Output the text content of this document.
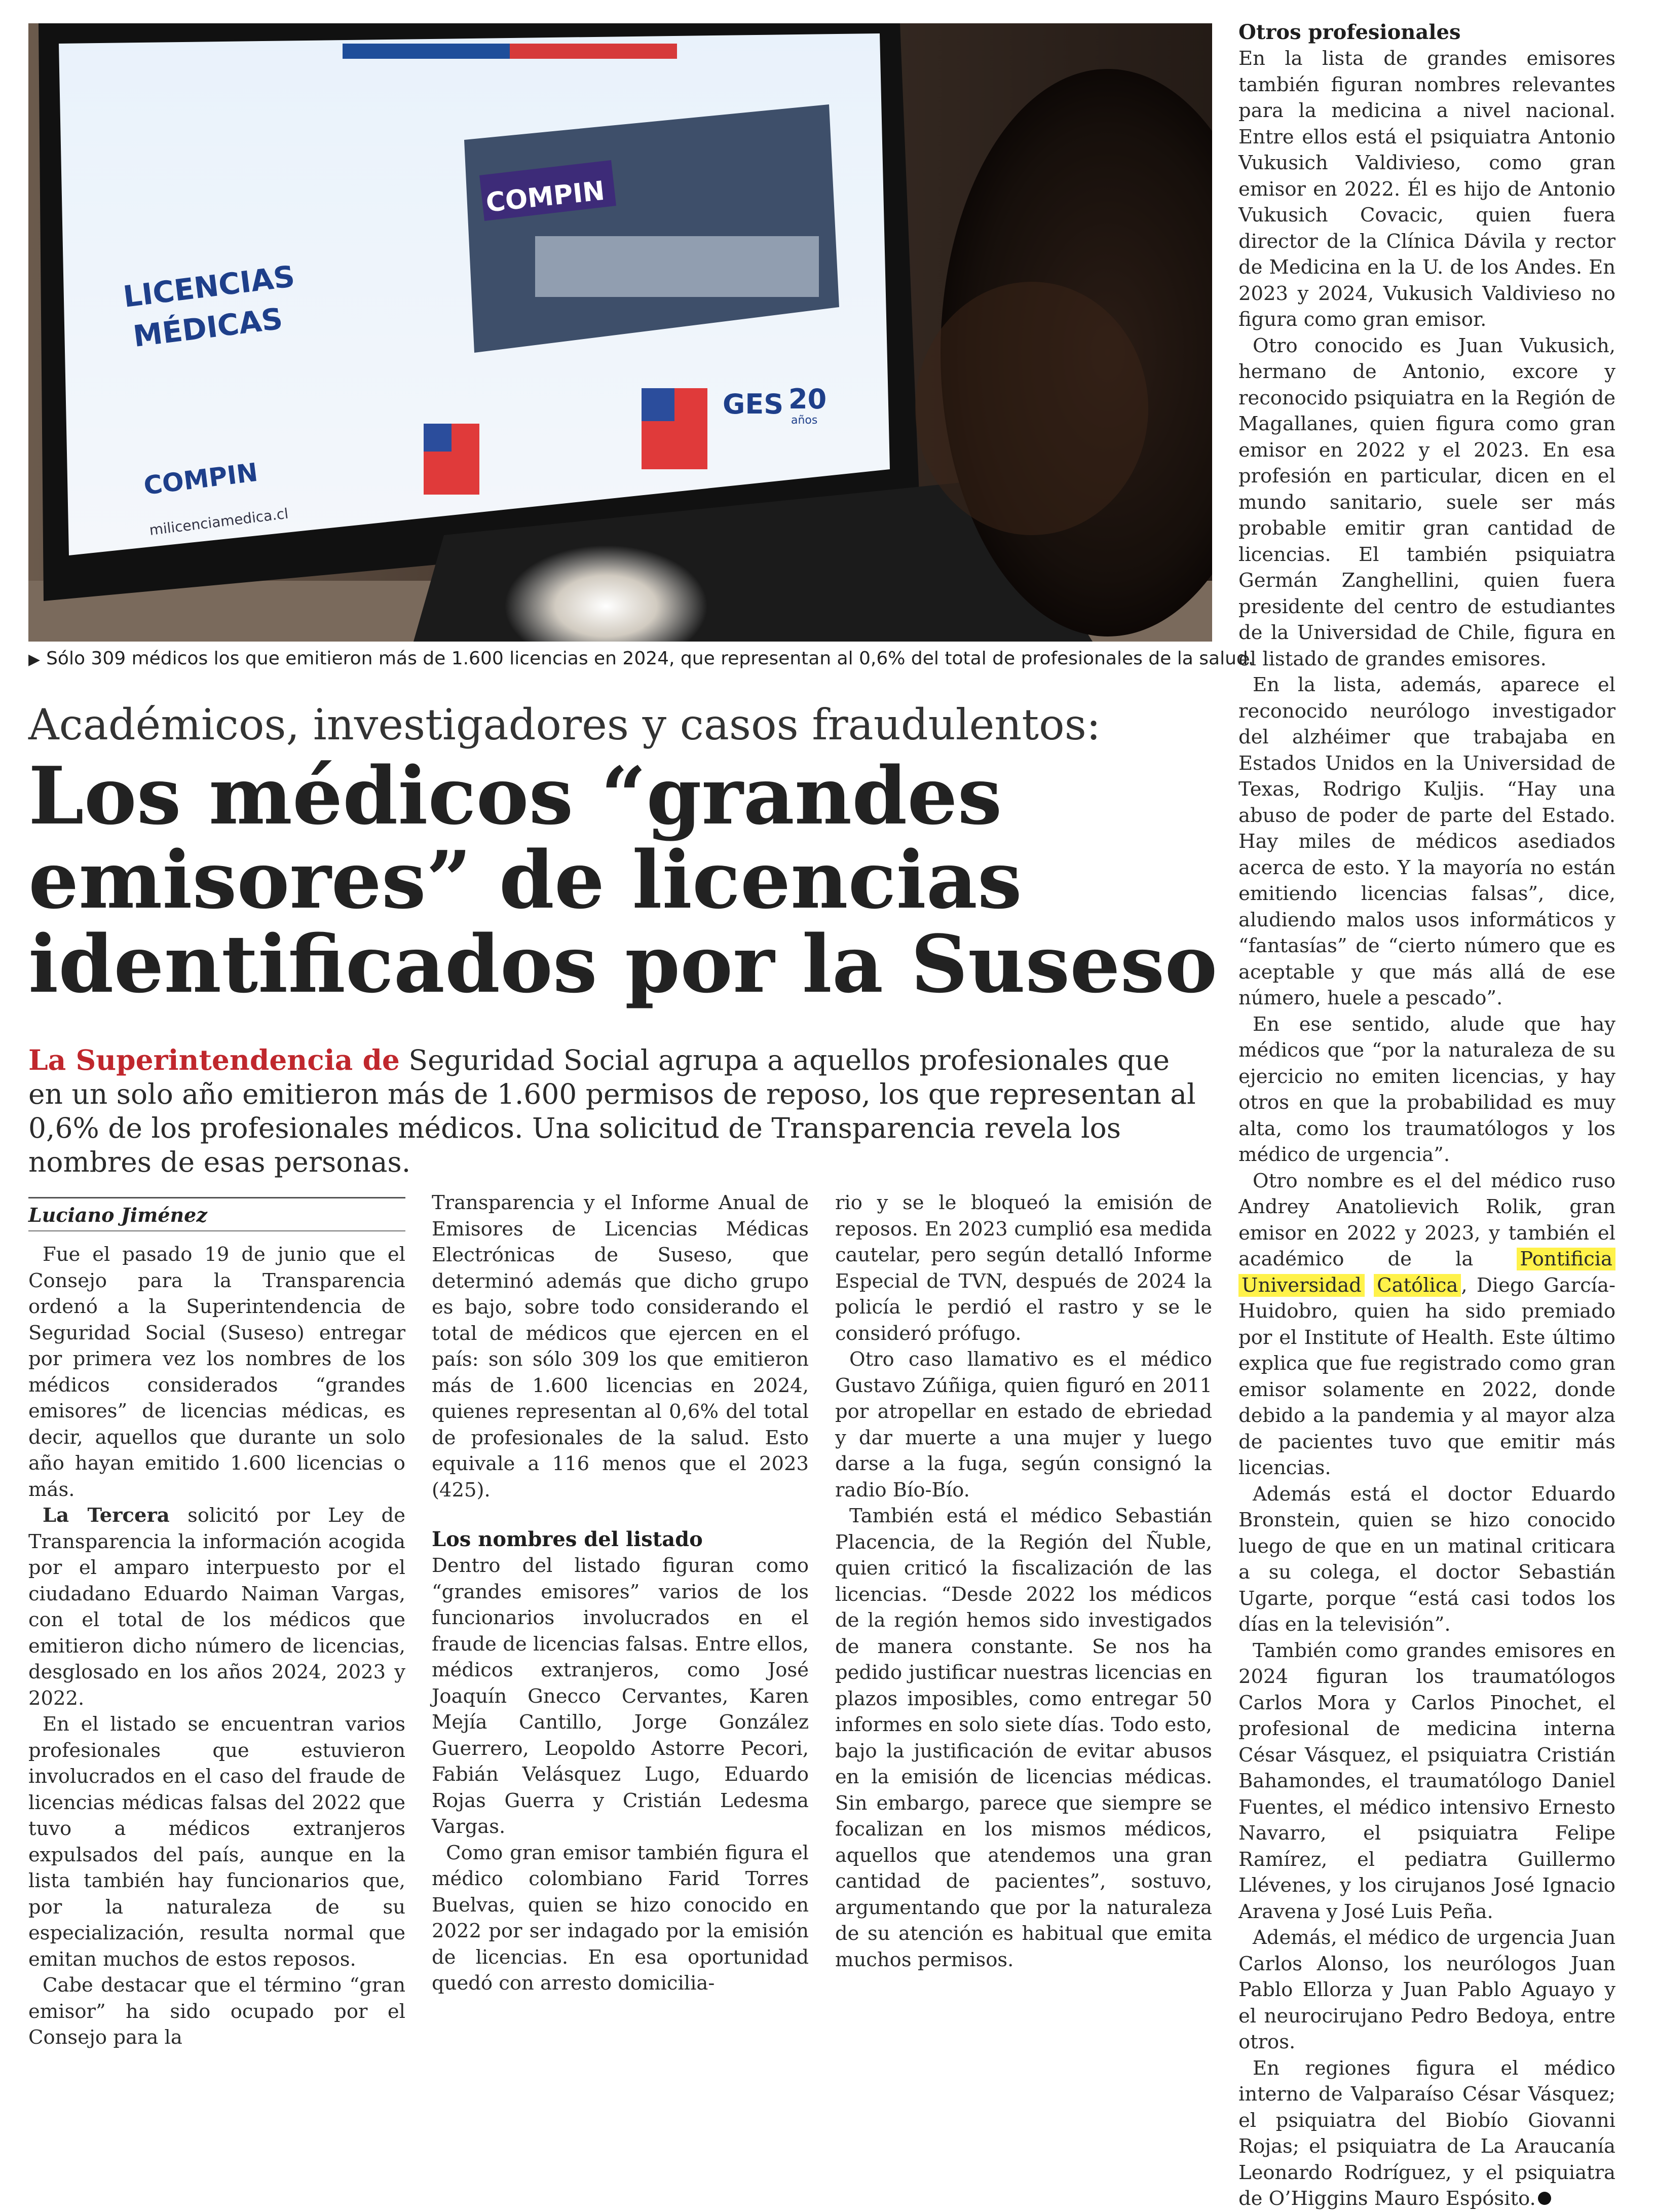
COMPIN
LICENCIASMÉDICAS
COMPIN
milicenciamedica.cl
GES 20
años
▶ Sólo 309 médicos los que emitieron más de 1.600 licencias en 2024, que representan al 0,6% del total de profesionales de la salud.
Académicos, investigadores y casos fraudulentos:
Los médicos “grandes
emisores” de licencias
identificados por la Suseso
La Superintendencia de Seguridad Social agrupa a aquellos profesionales que en un solo año emitieron más de 1.600 permisos de reposo, los que representan al 0,6% de los profesionales médicos. Una solicitud de Transparencia revela los nombres de esas personas.
Luciano Jiménez

Fue el pasado 19 de junio que el Consejo para la Transparencia ordenó a la Superintendencia de Seguridad Social (Suseso) entregar por primera vez los nombres de los médicos considerados “grandes emisores” de licencias médicas, es decir, aquellos que durante un solo año hayan emitido 1.600 licencias o más.

La Tercera solicitó por Ley de Transparencia la información acogida por el amparo interpuesto por el ciudadano Eduardo Naiman Vargas, con el total de los médicos que emitieron dicho número de licencias, desglosado en los años 2024, 2023 y 2022.

En el listado se encuentran varios profesionales que estuvieron involucrados en el caso del fraude de licencias médicas falsas del 2022 que tuvo a médicos extranjeros expulsados del país, aunque en la lista también hay funcionarios que, por la naturaleza de su especialización, resulta normal que emitan muchos de estos reposos.

Cabe destacar que el término “gran emisor” ha sido ocupado por el Consejo para la

Transparencia y el Informe Anual de Emisores de Licencias Médicas Electrónicas de Suseso, que determinó además que dicho grupo es bajo, sobre todo considerando el total de médicos que ejercen en el país: son sólo 309 los que emitieron más de 1.600 licencias en 2024, quienes representan al 0,6% del total de profesionales de la salud. Esto equivale a 116 menos que el 2023 (425).

Los nombres del listado

Dentro del listado figuran como “grandes emisores” varios de los funcionarios involucrados en el fraude de licencias falsas. Entre ellos, médicos extranjeros, como José Joaquín Gnecco Cervantes, Karen Mejía Cantillo, Jorge González Guerrero, Leopoldo Astorre Pecori, Fabián Velásquez Lugo, Eduardo Rojas Guerra y Cristián Ledesma Vargas.

Como gran emisor también figura el médico colombiano Farid Torres Buelvas, quien se hizo conocido en 2022 por ser indagado por la emisión de licencias. En esa oportunidad quedó con arresto domicilia-

rio y se le bloqueó la emisión de reposos. En 2023 cumplió esa medida cautelar, pero según detalló Informe Especial de TVN, después de 2024 la policía le perdió el rastro y se le consideró prófugo.

Otro caso llamativo es el médico Gustavo Zúñiga, quien figuró en 2011 por atropellar en estado de ebriedad y dar muerte a una mujer y luego darse a la fuga, según consignó la radio Bío-Bío.

También está el médico Sebastián Placencia, de la Región del Ñuble, quien criticó la fiscalización de las licencias. “Desde 2022 los médicos de la región hemos sido investigados de manera constante. Se nos ha pedido justificar nuestras licencias en plazos imposibles, como entregar 50 informes en solo siete días. Todo esto, bajo la justificación de evitar abusos en la emisión de licencias médicas. Sin embargo, parece que siempre se focalizan en los mismos médicos, aquellos que atendemos una gran cantidad de pacientes”, sostuvo, argumentando que por la naturaleza de su atención es habitual que emita muchos permisos.

Otros profesionales

En la lista de grandes emisores también figuran nombres relevantes para la medicina a nivel nacional. Entre ellos está el psiquiatra Antonio Vukusich Valdivieso, como gran emisor en 2022. Él es hijo de Antonio Vukusich Covacic, quien fuera director de la Clínica Dávila y rector de Medicina en la U. de los Andes. En 2023 y 2024, Vukusich Valdivieso no figura como gran emisor.

Otro conocido es Juan Vukusich, hermano de Antonio, excore y reconocido psiquiatra en la Región de Magallanes, quien figura como gran emisor en 2022 y el 2023. En esa profesión en particular, dicen en el mundo sanitario, suele ser más probable emitir gran cantidad de licencias. El también psiquiatra Germán Zanghellini, quien fuera presidente del centro de estudiantes de la Universidad de Chile, figura en el listado de grandes emisores.

En la lista, además, aparece el reconocido neurólogo investigador del alzhéimer que trabajaba en Estados Unidos en la Universidad de Texas, Rodrigo Kuljis. “Hay una abuso de poder de parte del Estado. Hay miles de médicos asediados acerca de esto. Y la mayoría no están emitiendo licencias falsas”, dice, aludiendo malos usos informáticos y “fantasías” de “cierto número que es aceptable y que más allá de ese número, huele a pescado”.

En ese sentido, alude que hay médicos que “por la naturaleza de su ejercicio no emiten licencias, y hay otros en que la probabilidad es muy alta, como los traumatólogos y los médico de urgencia”.

Otro nombre es el del médico ruso Andrey Anatolievich Rolik, gran emisor en 2022 y 2023, y también el académico de la Pontificia Universidad Católica , Diego García-Huidobro, quien ha sido premiado por el Institute of Health. Este último explica que fue registrado como gran emisor solamente en 2022, donde debido a la pandemia y al mayor alza de pacientes tuvo que emitir más licencias.

Además está el doctor Eduardo Bronstein, quien se hizo conocido luego de que en un matinal criticara a su colega, el doctor Sebastián Ugarte, porque “está casi todos los días en la televisión”.

También como grandes emisores en 2024 figuran los traumatólogos Carlos Mora y Carlos Pinochet, el profesional de medicina interna César Vásquez, el psiquiatra Cristián Bahamondes, el traumatólogo Daniel Fuentes, el médico intensivo Ernesto Navarro, el psiquiatra Felipe Ramírez, el pediatra Guillermo Llévenes, y los cirujanos José Ignacio Aravena y José Luis Peña.

Además, el médico de urgencia Juan Carlos Alonso, los neurólogos Juan Pablo Ellorza y Juan Pablo Aguayo y el neurocirujano Pedro Bedoya, entre otros.

En regiones figura el médico interno de Valparaíso César Vásquez; el psiquiatra del Biobío Giovanni Rojas; el psiquiatra de La Araucanía Leonardo Rodríguez, y el psiquiatra de O’Higgins Mauro Espósito.
